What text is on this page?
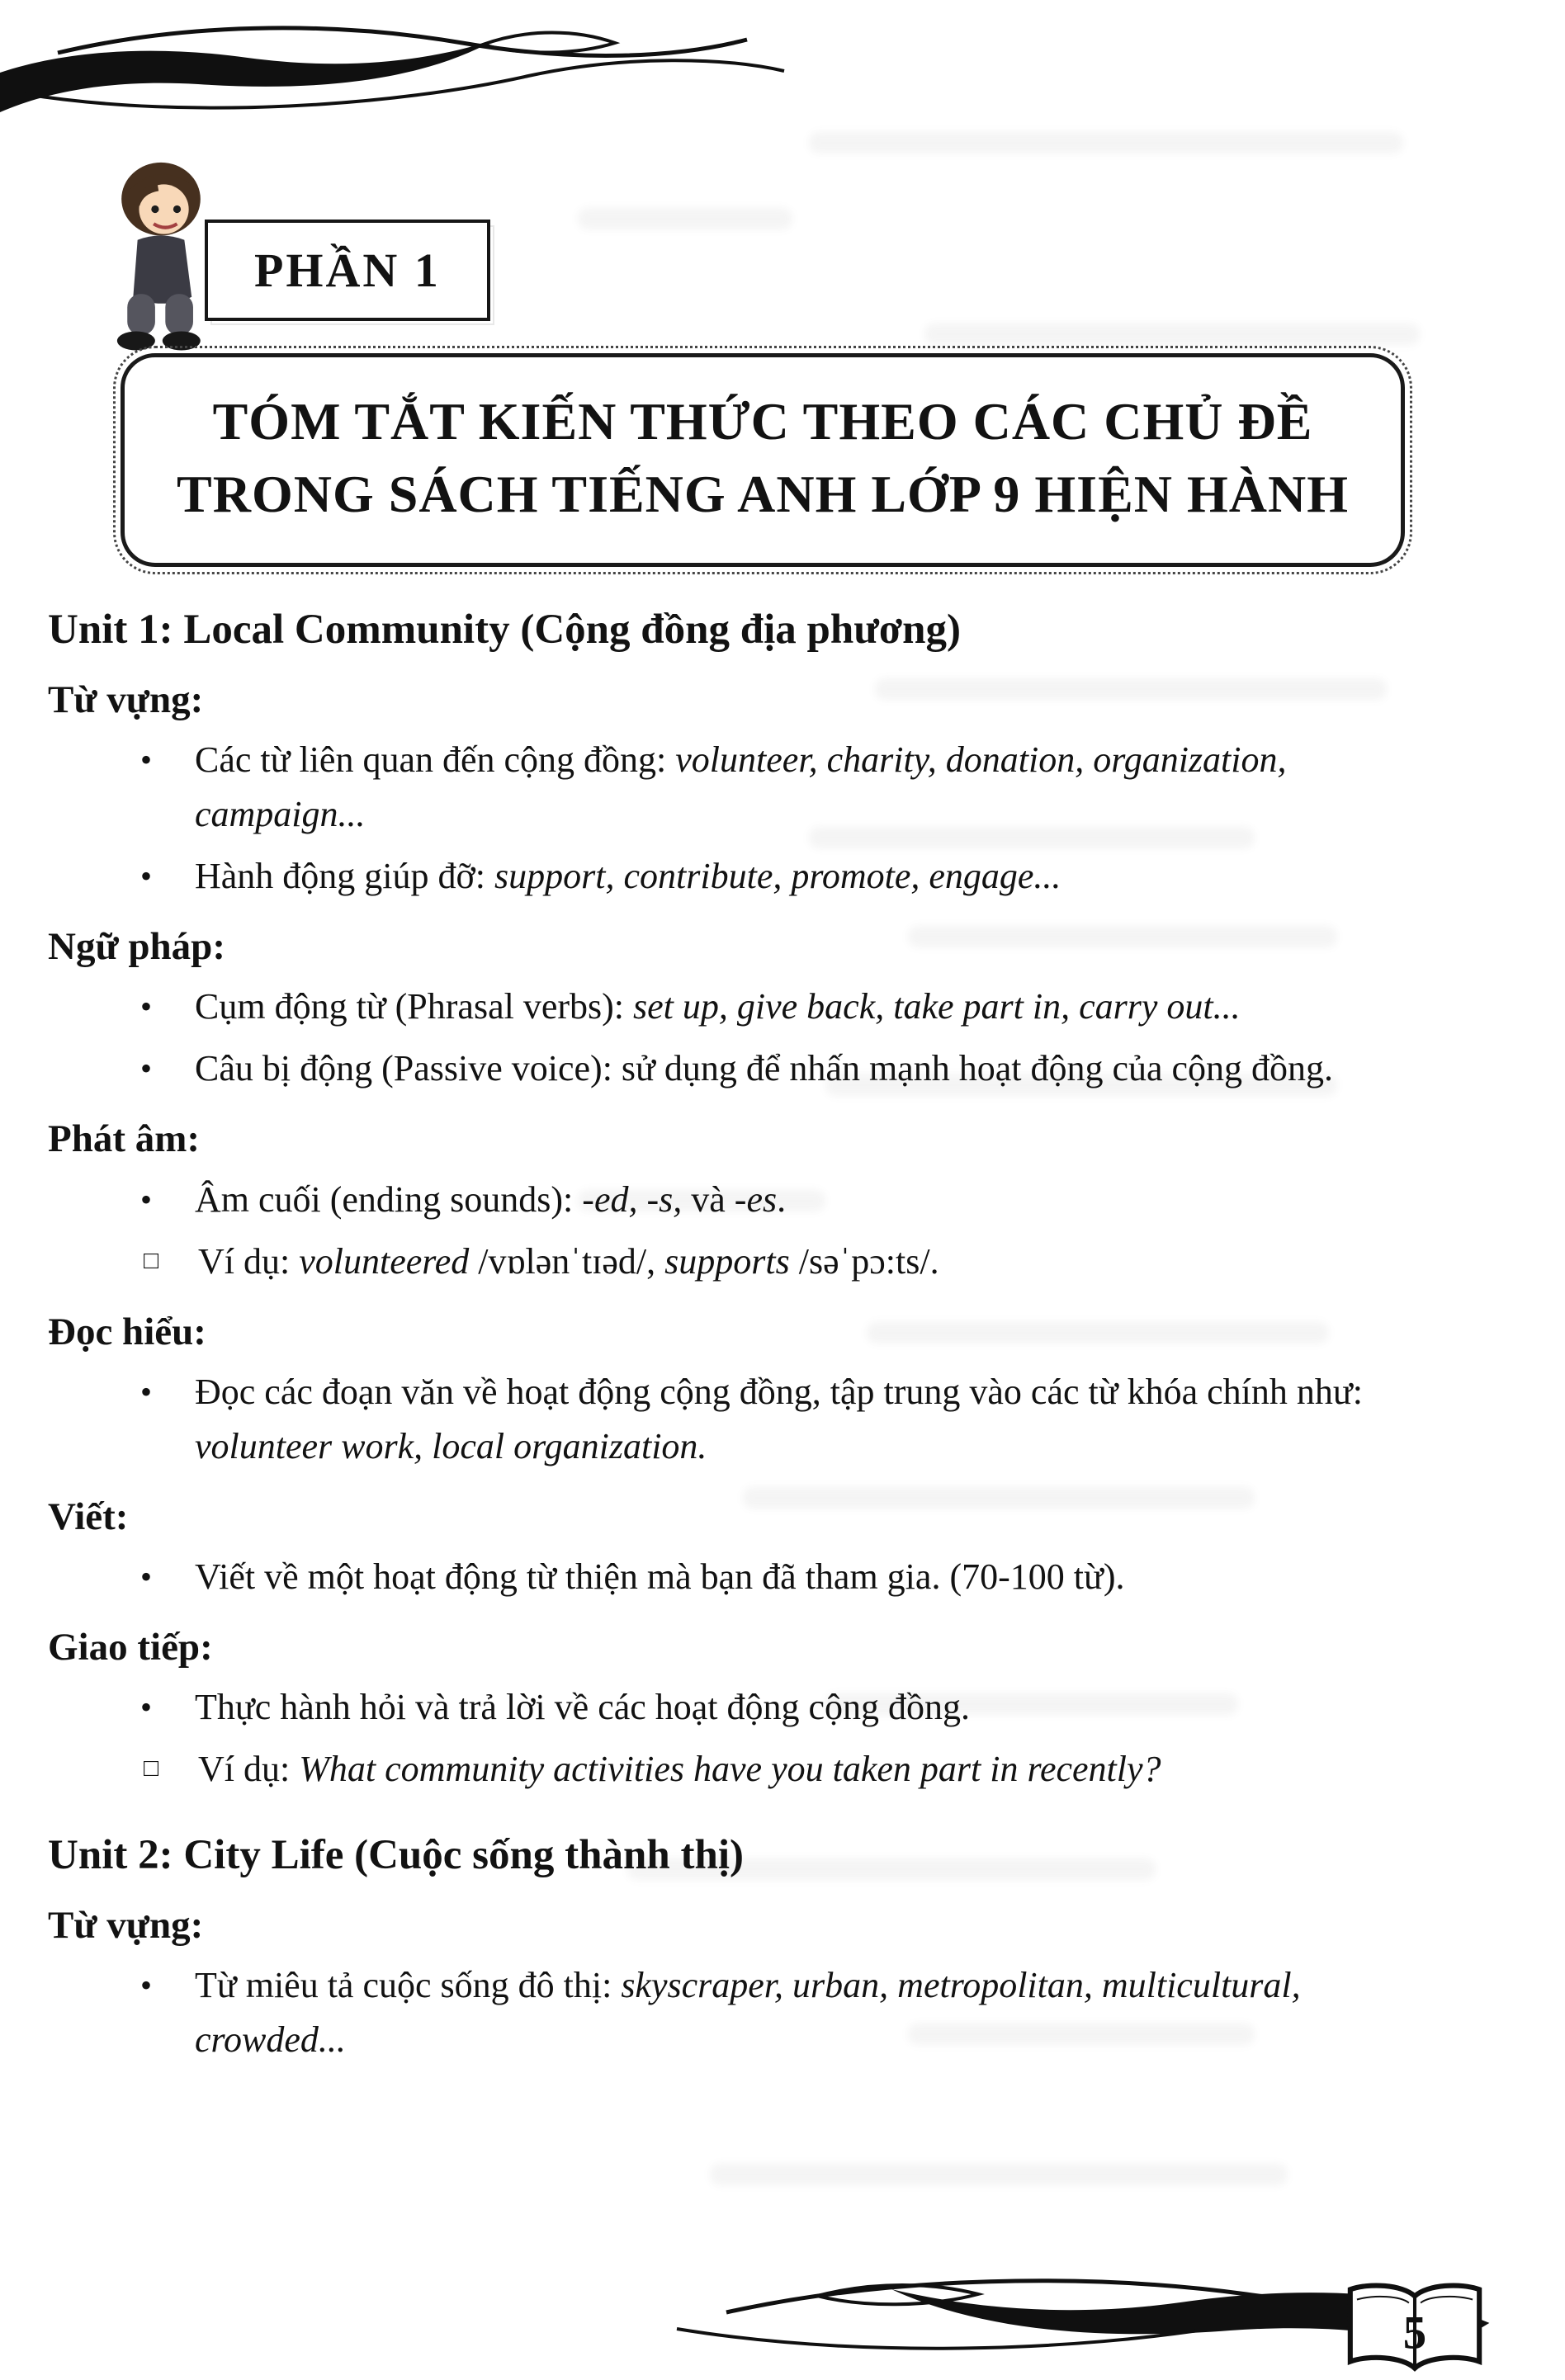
PHẦN 1
TÓM TẮT KIẾN THỨC THEO CÁC CHỦ ĐỀ
TRONG SÁCH TIẾNG ANH LỚP 9 HIỆN HÀNH
Unit 1: Local Community (Cộng đồng địa phương)
Từ vựng:
•	Các từ liên quan đến cộng đồng: volunteer, charity, donation, organization, campaign...
•	Hành động giúp đỡ: support, contribute, promote, engage...
Ngữ pháp:
•	Cụm động từ (Phrasal verbs): set up, give back, take part in, carry out...
•	Câu bị động (Passive voice): sử dụng để nhấn mạnh hoạt động của cộng đồng.
Phát âm:
•	Âm cuối (ending sounds): -ed, -s, và -es.
□	Ví dụ: volunteered /vɒlənˈtɪəd/, supports /səˈpɔ:ts/.
Đọc hiểu:
•	Đọc các đoạn văn về hoạt động cộng đồng, tập trung vào các từ khóa chính như: volunteer work, local organization.
Viết:
•	Viết về một hoạt động từ thiện mà bạn đã tham gia. (70-100 từ).
Giao tiếp:
•	Thực hành hỏi và trả lời về các hoạt động cộng đồng.
□	Ví dụ: What community activities have you taken part in recently?
Unit 2: City Life (Cuộc sống thành thị)
Từ vựng:
•	Từ miêu tả cuộc sống đô thị: skyscraper, urban, metropolitan, multicultural, crowded...
5
